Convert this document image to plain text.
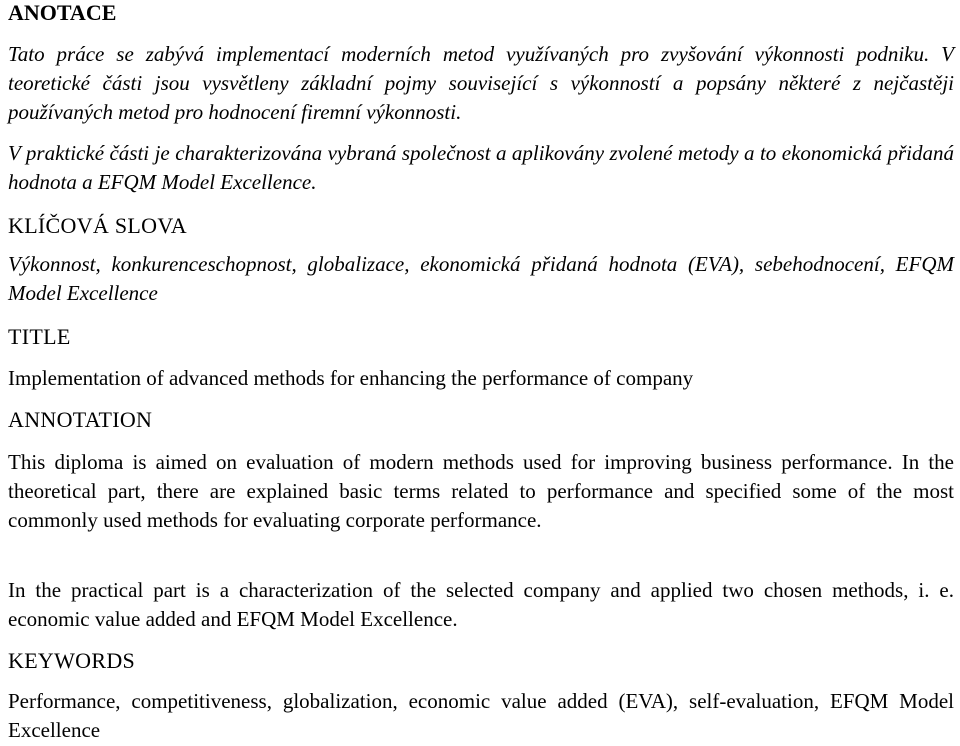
ANOTACE

Tato práce se zabývá implementací moderních metod využívaných pro zvyšování výkonnosti podniku. V teoretické části jsou vysvětleny základní pojmy související s výkonností a popsány některé z nejčastěji používaných metod pro hodnocení firemní výkonnosti.

V praktické části je charakterizována vybraná společnost a aplikovány zvolené metody a to ekonomická přidaná hodnota a EFQM Model Excellence.

KLÍČOVÁ SLOVA

Výkonnost, konkurenceschopnost, globalizace, ekonomická přidaná hodnota (EVA), sebehodnocení, EFQM Model Excellence

TITLE

Implementation of advanced methods for enhancing the performance of company

ANNOTATION

This diploma is aimed on evaluation of modern methods used for improving business performance. In the theoretical part, there are explained basic terms related to performance and specified some of the most commonly used methods for evaluating corporate performance.

In the practical part is a characterization of the selected company and applied two chosen methods, i. e. economic value added and EFQM Model Excellence.

KEYWORDS

Performance, competitiveness, globalization, economic value added (EVA), self-evaluation, EFQM Model Excellence
